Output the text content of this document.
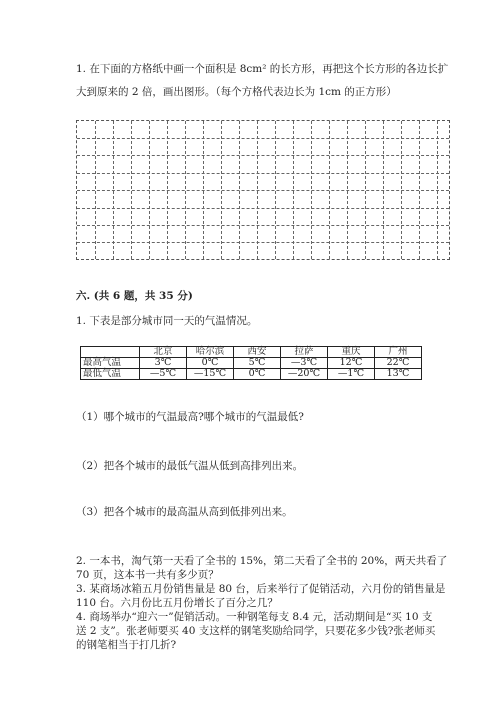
1. 在下面的方格纸中画一个面积是 8cm² 的长方形，再把这个长方形的各边长扩
大到原来的 2 倍，画出图形。（每个方格代表边长为 1cm 的正方形）
六. (共 6 题，共 35 分)
1. 下表是部分城市同一天的气温情况。
	北京	哈尔滨	西安	拉萨	重庆	广州
最高气温	3℃	0℃	5℃	—3℃	12℃	22℃
最低气温	—5℃	—15℃	0℃	—20℃	—1℃	13℃
（1）哪个城市的气温最高?哪个城市的气温最低?
（2）把各个城市的最低气温从低到高排列出来。
（3）把各个城市的最高温从高到低排列出来。
2. 一本书，淘气第一天看了全书的 15%，第二天看了全书的 20%，两天共看了
70 页，这本书一共有多少页？
3. 某商场冰箱五月份销售量是 80 台，后来举行了促销活动，六月份的销售量是
110 台。六月份比五月份增长了百分之几？
4. 商场举办“迎六一”促销活动。一种钢笔每支 8.4 元，活动期间是“买 10 支
送 2 支”。张老师要买 40 支这样的钢笔奖励给同学，只要花多少钱?张老师买
的钢笔相当于打几折?
